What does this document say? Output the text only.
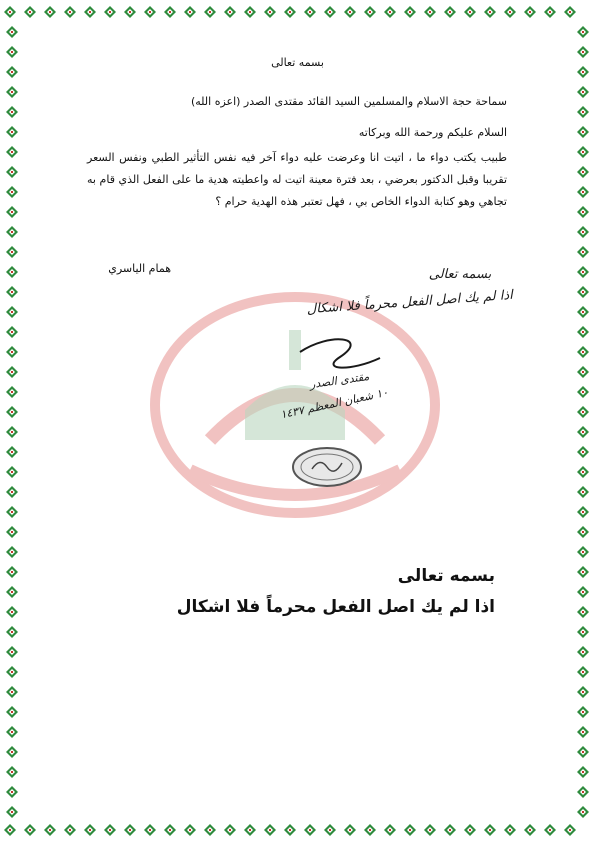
بسمه تعالى
سماحة حجة الاسلام والمسلمين السيد القائد مقتدى الصدر (اعزه الله)
السلام عليكم ورحمة الله وبركاته
طبيب يكتب دواء ما ، اتيت انا وعرضت عليه دواء آخر فيه نفس التأثير الطبي ونفس السعر تقريبا وقبل الدكتور بعرضي ، بعد فترة معينة اتيت له واعطيته هدية ما على الفعل الذي قام به تجاهي وهو كتابة الدواء الخاص بي ، فهل تعتبر هذه الهدية حرام ؟
همام الياسري	بسمه تعالى
اذا لم يك اصل الفعل محرماً فلا اشكال
مقتدى الصدر
١٠ شعبان المعظم ١٤٣٧
بسمه تعالى
اذا لم يك اصل الفعل محرماً فلا اشكال
